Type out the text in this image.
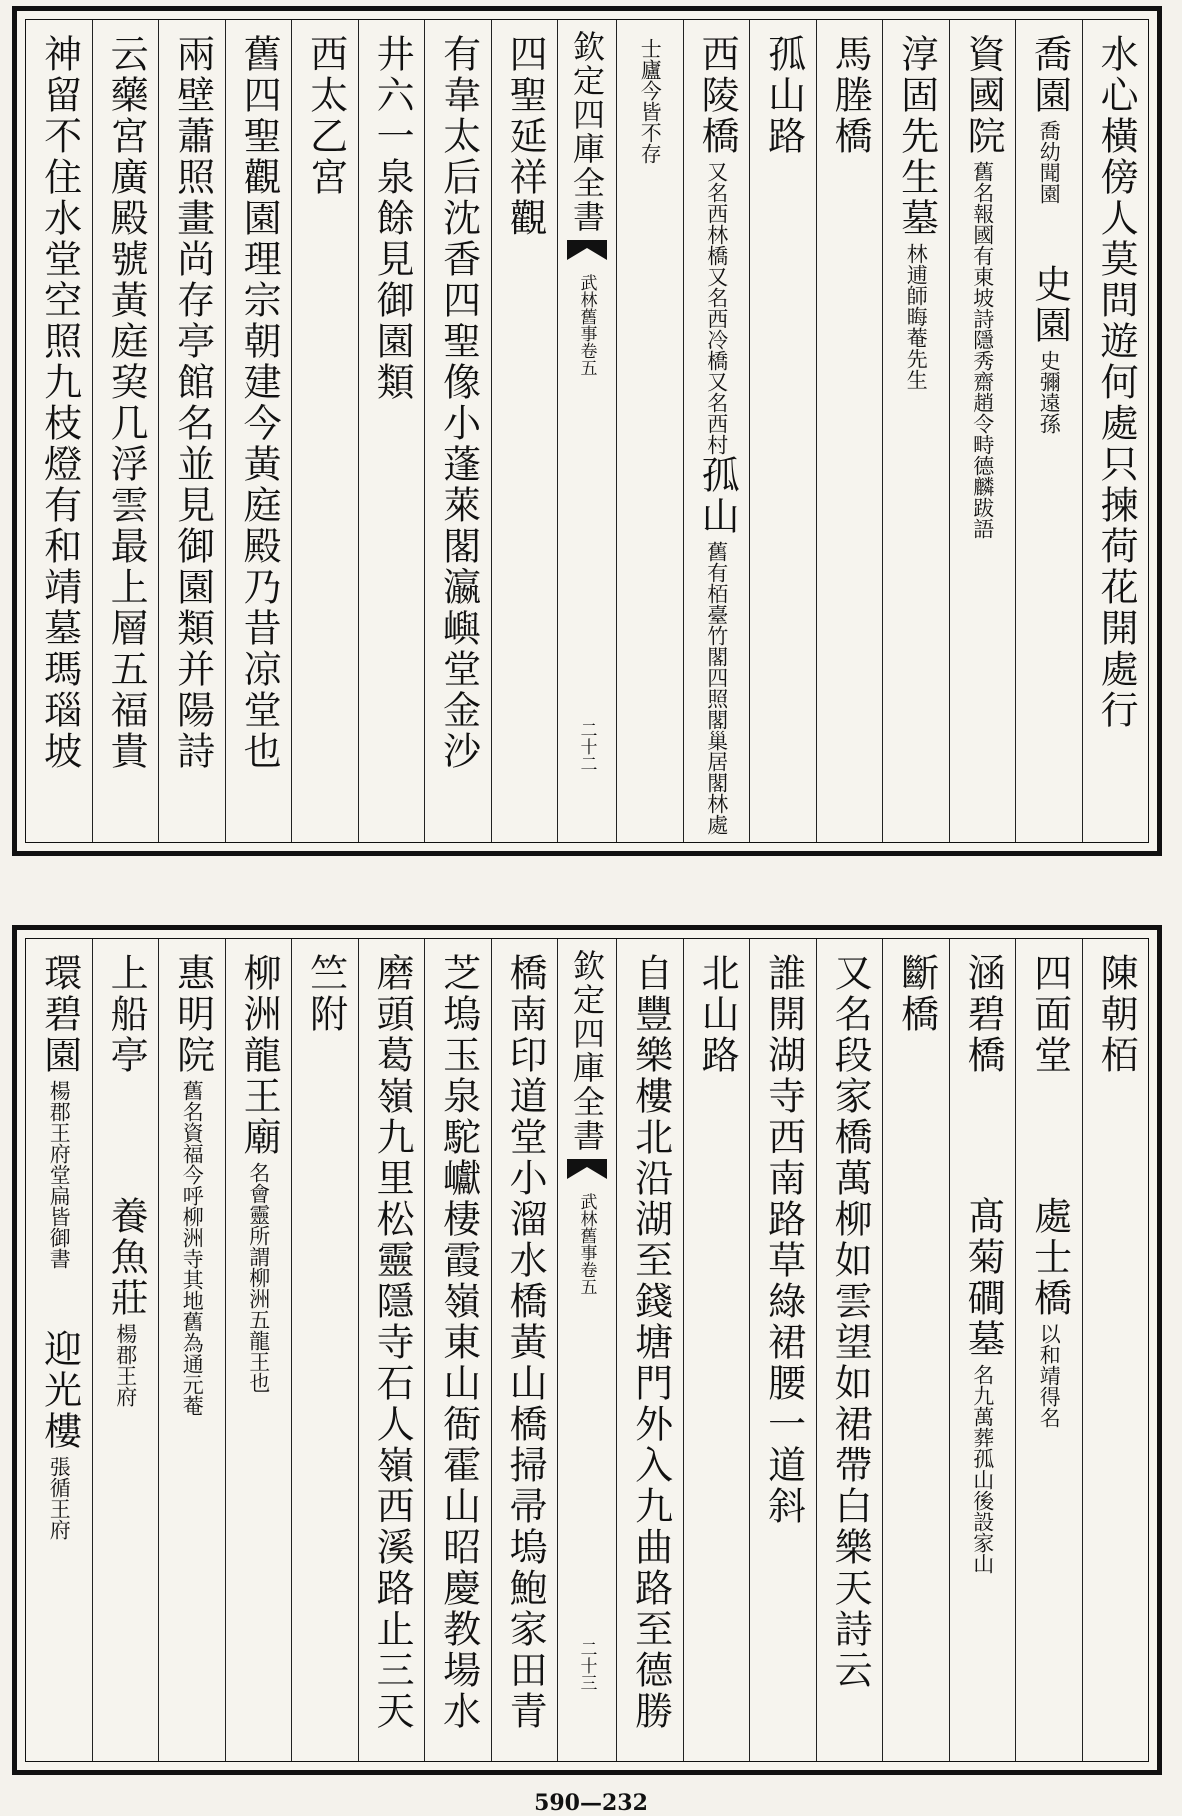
水心橫傍人莫問遊何處只揀荷花開處行
喬園
喬幼聞園
史園
史彌遠孫
資國院
舊名報國有東坡詩隱秀齋趙令畤德麟跋語
淳固先生墓
林逋師晦菴先生
馬塍橋
孤山路
西陵橋
又名西林橋又名西冷橋又名西村
孤山
舊有栢臺竹閣四照閣巢居閣林處
士廬今皆不存
欽定四庫全書
武林舊事
卷五
二十二
四聖延祥觀
有韋太后沈香四聖像小蓬萊閣瀛嶼堂金沙
井六一泉餘見御園類
西太乙宮
舊四聖觀園理宗朝建今黃庭殿乃昔凉堂也
兩壁蕭照畫尚存亭館名並見御園類并陽詩
云藥宮廣殿號黃庭巭几浮雲最上層五福貴
神留不住水堂空照九枝燈有和靖墓瑪瑙坡
陳朝栢
四面堂
處士橋
以和靖得名
涵碧橋
髙菊磵墓
名九萬葬孤山後設家山
斷橋
又名段家橋萬柳如雲望如裙帶白樂天詩云
誰開湖寺西南路草綠裙腰一道斜
北山路
自豐樂樓北沿湖至錢塘門外入九曲路至德勝
欽定四庫全書
武林舊事
卷五
二十三
橋南印道堂小溜水橋黃山橋掃帚塢鮑家田青
芝塢玉泉駝巘棲霞嶺東山衙霍山昭慶教場水
磨頭葛嶺九里松靈隱寺石人嶺西溪路止三天
竺附
柳洲龍王廟
名會靈所謂柳洲五龍王也
惠明院
舊名資福今呼柳洲寺其地舊為通元菴
上船亭
養魚莊
楊郡王府
環碧園
楊郡王府堂扁皆御書
迎光樓
張循王府
590—232
